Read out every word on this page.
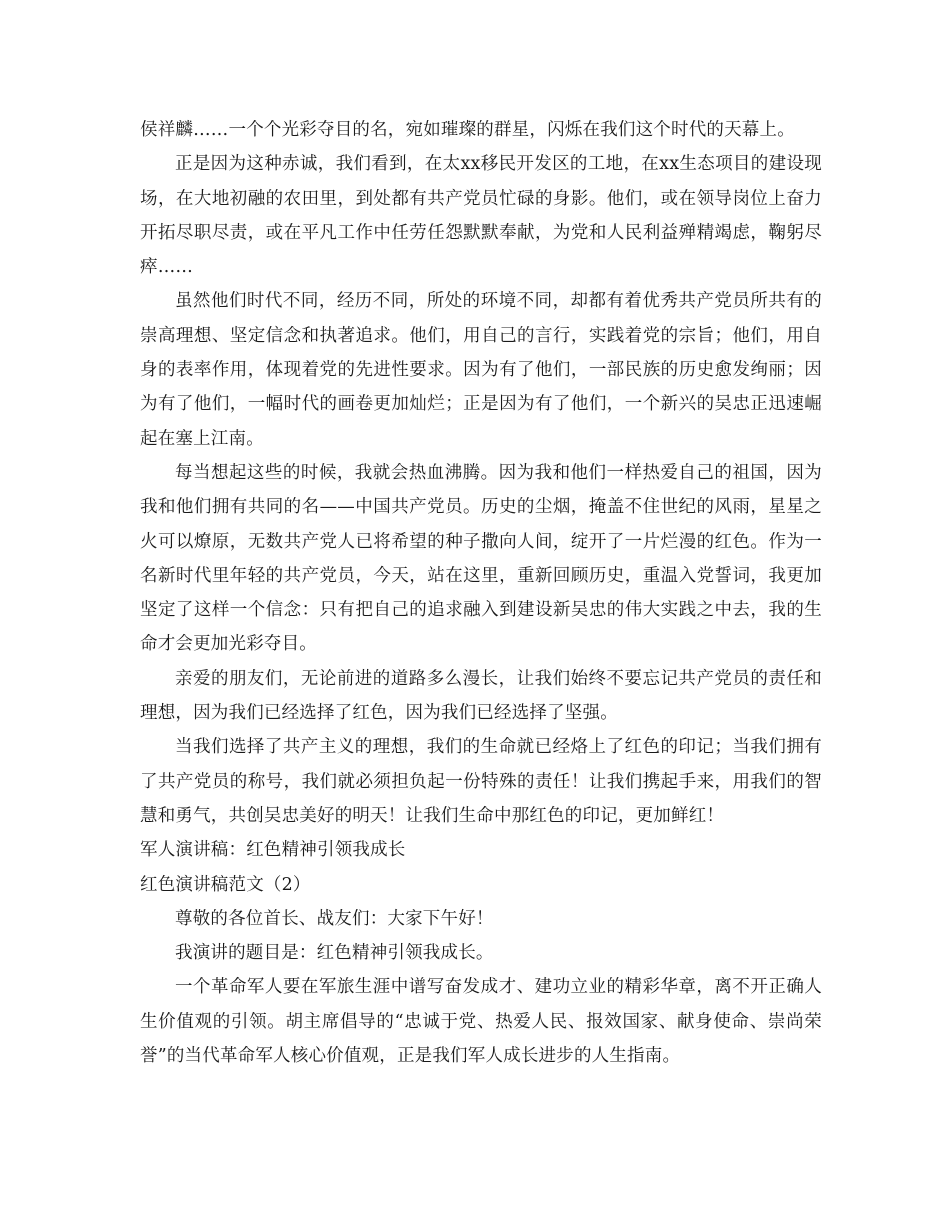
侯祥麟……一个个光彩夺目的名，宛如璀璨的群星，闪烁在我们这个时代的天幕上。

正是因为这种赤诚，我们看到，在太xx移民开发区的工地，在xx生态项目的建设现场，在大地初融的农田里，到处都有共产党员忙碌的身影。他们，或在领导岗位上奋力开拓尽职尽责，或在平凡工作中任劳任怨默默奉献，为党和人民利益殚精竭虑，鞠躬尽瘁……

虽然他们时代不同，经历不同，所处的环境不同，却都有着优秀共产党员所共有的崇高理想、坚定信念和执著追求。他们，用自己的言行，实践着党的宗旨；他们，用自身的表率作用，体现着党的先进性要求。因为有了他们，一部民族的历史愈发绚丽；因为有了他们，一幅时代的画卷更加灿烂；正是因为有了他们，一个新兴的吴忠正迅速崛起在塞上江南。

每当想起这些的时候，我就会热血沸腾。因为我和他们一样热爱自己的祖国，因为我和他们拥有共同的名——中国共产党员。历史的尘烟，掩盖不住世纪的风雨，星星之火可以燎原，无数共产党人已将希望的种子撒向人间，绽开了一片烂漫的红色。作为一名新时代里年轻的共产党员，今天，站在这里，重新回顾历史，重温入党誓词，我更加坚定了这样一个信念：只有把自己的追求融入到建设新吴忠的伟大实践之中去，我的生命才会更加光彩夺目。

亲爱的朋友们，无论前进的道路多么漫长，让我们始终不要忘记共产党员的责任和理想，因为我们已经选择了红色，因为我们已经选择了坚强。

当我们选择了共产主义的理想，我们的生命就已经烙上了红色的印记；当我们拥有了共产党员的称号，我们就必须担负起一份特殊的责任！让我们携起手来，用我们的智慧和勇气，共创吴忠美好的明天！让我们生命中那红色的印记，更加鲜红！

军人演讲稿：红色精神引领我成长

红色演讲稿范文（2）

尊敬的各位首长、战友们：大家下午好！

我演讲的题目是：红色精神引领我成长。

一个革命军人要在军旅生涯中谱写奋发成才、建功立业的精彩华章，离不开正确人生价值观的引领。胡主席倡导的“忠诚于党、热爱人民、报效国家、献身使命、崇尚荣誉”的当代革命军人核心价值观，正是我们军人成长进步的人生指南。
